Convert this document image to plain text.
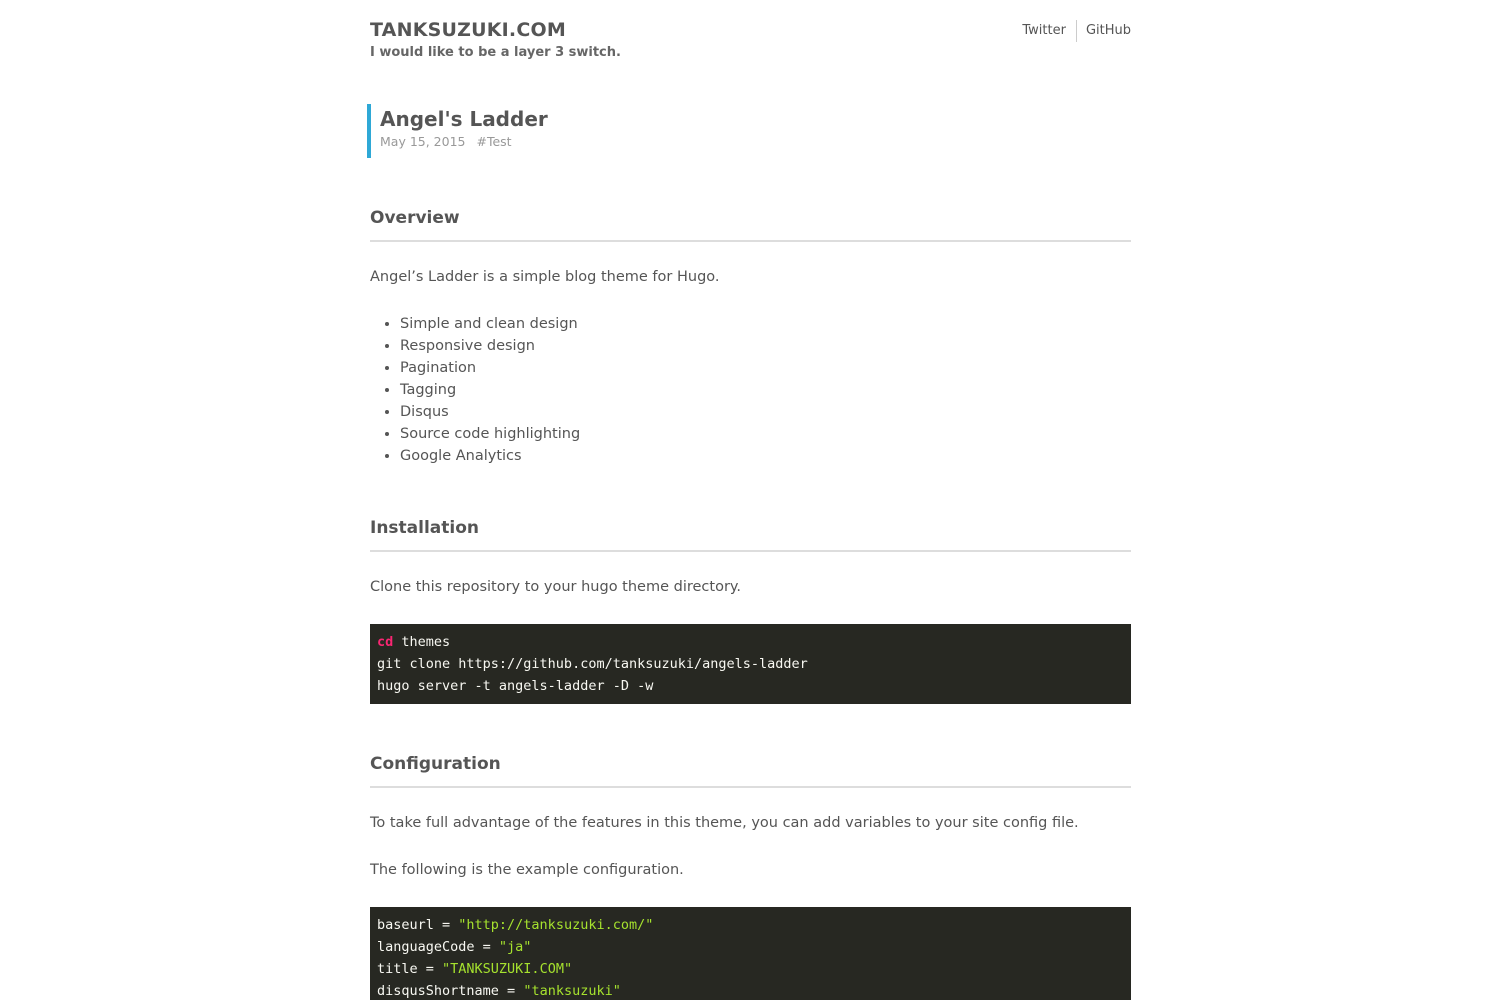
TANKSUZUKI.COM

I would like to be a layer 3 switch.

Twitter GitHub
Angel's Ladder
May 15, 2015 #Test
Overview

Angel’s Ladder is a simple blog theme for Hugo.

• Simple and clean design
• Responsive design
• Pagination
• Tagging
• Disqus
• Source code highlighting
• Google Analytics
Installation

Clone this repository to your hugo theme directory.

cd themes
git clone https://github.com/tanksuzuki/angels-ladder
hugo server -t angels-ladder -D -w
Configuration

To take full advantage of the features in this theme, you can add variables to your site config file.

The following is the example configuration.

baseurl = "http://tanksuzuki.com/"
languageCode = "ja"
title = "TANKSUZUKI.COM"
disqusShortname = "tanksuzuki"
